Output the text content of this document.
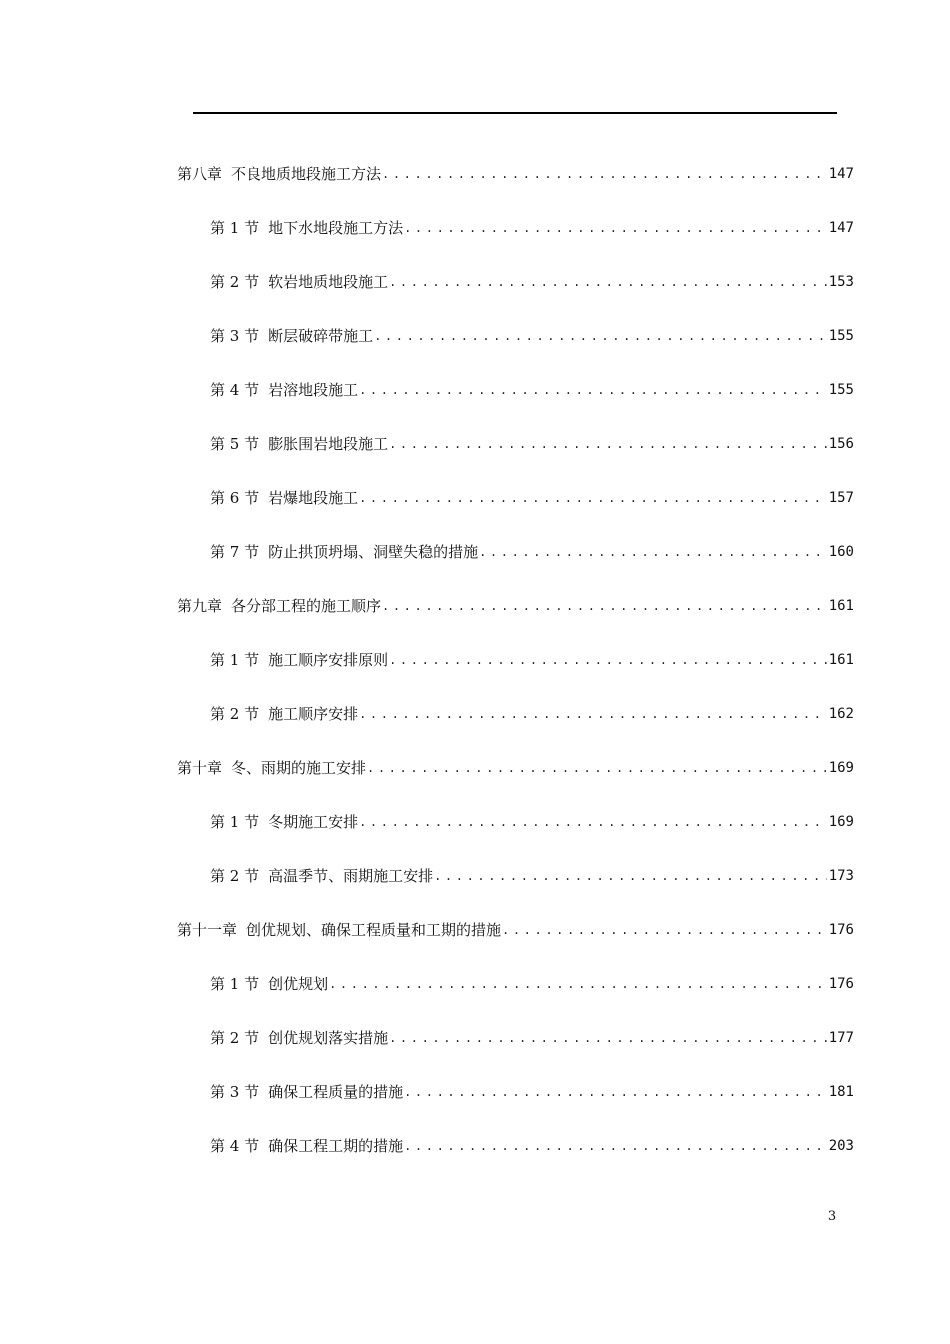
第八章 不良地质地段施工方法 .....	147
第 1 节 地下水地段施工方法 .....	147
第 2 节 软岩地质地段施工 .....	153
第 3 节 断层破碎带施工 .....	155
第 4 节 岩溶地段施工 .....	155
第 5 节 膨胀围岩地段施工 .....	156
第 6 节 岩爆地段施工 .....	157
第 7 节 防止拱顶坍塌、洞壁失稳的措施 .....	160
第九章 各分部工程的施工顺序 .....	161
第 1 节 施工顺序安排原则 .....	161
第 2 节 施工顺序安排 .....	162
第十章 冬、雨期的施工安排 .....	169
第 1 节 冬期施工安排 .....	169
第 2 节 高温季节、雨期施工安排 .....	173
第十一章 创优规划、确保工程质量和工期的措施 .....	176
第 1 节 创优规划 .....	176
第 2 节 创优规划落实措施 .....	177
第 3 节 确保工程质量的措施 .....	181
第 4 节 确保工程工期的措施 .....	203
3
